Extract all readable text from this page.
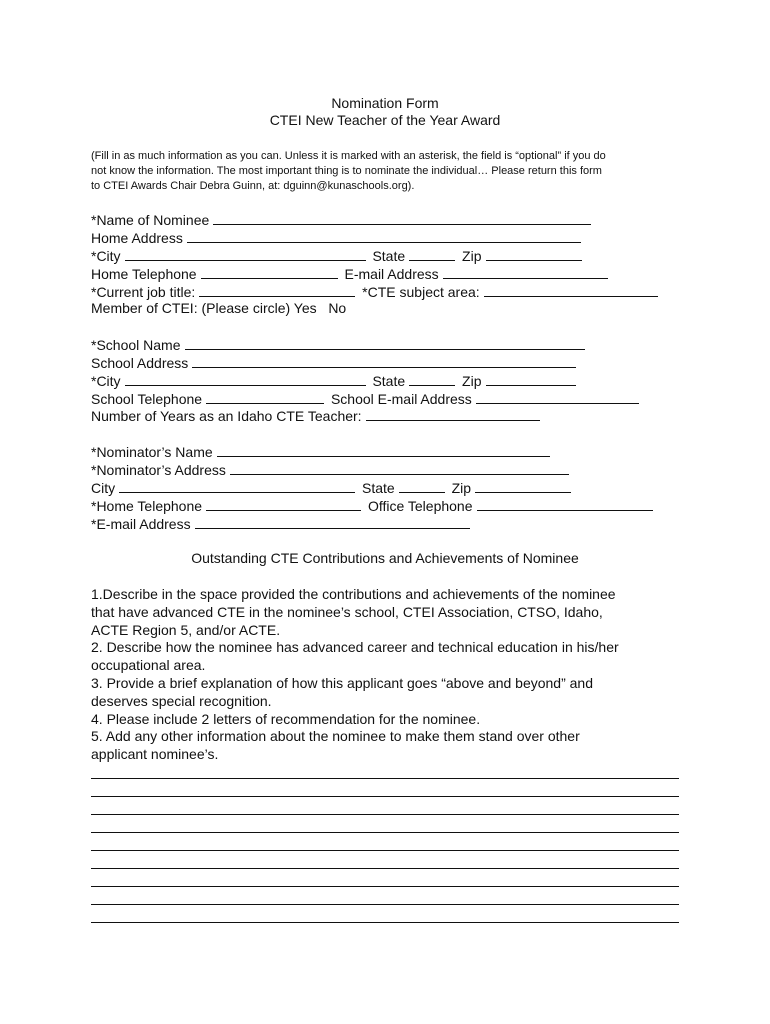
Nomination Form
CTEI New Teacher of the Year Award
(Fill in as much information as you can. Unless it is marked with an asterisk, the field is “optional” if you do
not know the information. The most important thing is to nominate the individual… Please return this form
to CTEI Awards Chair Debra Guinn, at: dguinn@kunaschools.org).
*Name of Nominee
Home Address
*City	State	Zip
Home Telephone	E-mail Address
*Current job title:	*CTE subject area:
Member of CTEI: (Please circle) Yes No
*School Name
School Address
*City	State	Zip
School Telephone	School E-mail Address
Number of Years as an Idaho CTE Teacher:
*Nominator’s Name
*Nominator’s Address
City	State	Zip
*Home Telephone	Office Telephone
*E-mail Address
Outstanding CTE Contributions and Achievements of Nominee
1.Describe in the space provided the contributions and achievements of the nominee
that have advanced CTE in the nominee’s school, CTEI Association, CTSO, Idaho,
ACTE Region 5, and/or ACTE.
2. Describe how the nominee has advanced career and technical education in his/her
occupational area.
3. Provide a brief explanation of how this applicant goes “above and beyond” and
deserves special recognition.
4. Please include 2 letters of recommendation for the nominee.
5. Add any other information about the nominee to make them stand over other
applicant nominee’s.
